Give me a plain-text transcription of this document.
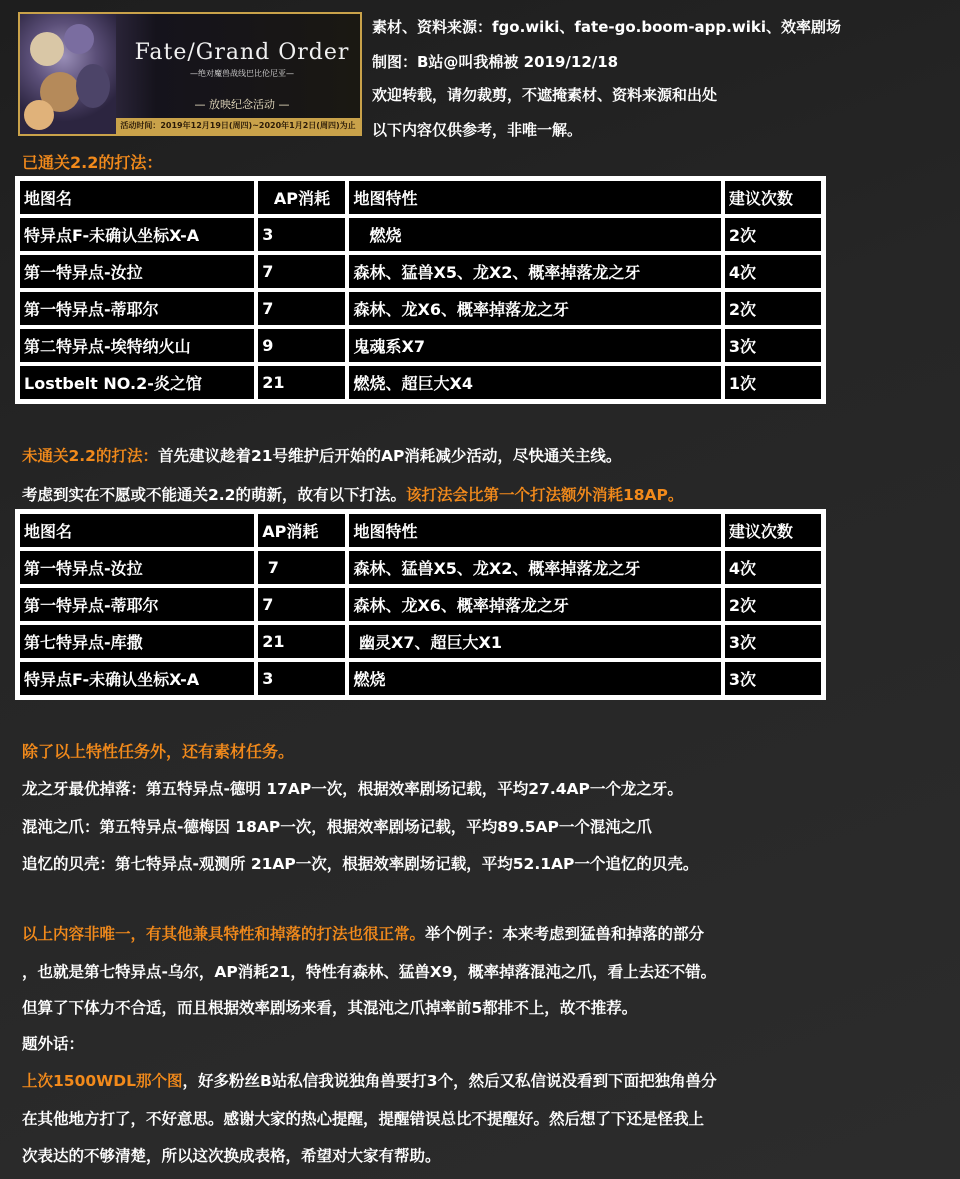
Fate/Grand Order
—绝对魔兽战线巴比伦尼亚—
— 放映纪念活动 —
活动时间：2019年12月19日(周四)~2020年1月2日(周四)为止
素材、资料来源：fgo.wiki、fate-go.boom-app.wiki、效率剧场
制图：B站@叫我棉被 2019/12/18
欢迎转载，请勿裁剪，不遮掩素材、资料来源和出处
以下内容仅供参考，非唯一解。
已通关2.2的打法：
地图名	AP消耗	地图特性	建议次数
特异点F-未确认坐标X-A	3	燃烧	2次
第一特异点-汝拉	7	森林、猛兽X5、龙X2、概率掉落龙之牙	4次
第一特异点-蒂耶尔	7	森林、龙X6、概率掉落龙之牙	2次
第二特异点-埃特纳火山	9	鬼魂系X7	3次
Lostbelt NO.2-炎之馆	21	燃烧、超巨大X4	1次
未通关2.2的打法：首先建议趁着21号维护后开始的AP消耗减少活动，尽快通关主线。
考虑到实在不愿或不能通关2.2的萌新，故有以下打法。该打法会比第一个打法额外消耗18AP。
地图名	AP消耗	地图特性	建议次数
第一特异点-汝拉	7	森林、猛兽X5、龙X2、概率掉落龙之牙	4次
第一特异点-蒂耶尔	7	森林、龙X6、概率掉落龙之牙	2次
第七特异点-库撒	21	幽灵X7、超巨大X1	3次
特异点F-未确认坐标X-A	3	燃烧	3次
除了以上特性任务外，还有素材任务。
龙之牙最优掉落：第五特异点-德明 17AP一次，根据效率剧场记载，平均27.4AP一个龙之牙。
混沌之爪：第五特异点-德梅因 18AP一次，根据效率剧场记载，平均89.5AP一个混沌之爪
追忆的贝壳：第七特异点-观测所 21AP一次，根据效率剧场记载，平均52.1AP一个追忆的贝壳。
以上内容非唯一，有其他兼具特性和掉落的打法也很正常。举个例子：本来考虑到猛兽和掉落的部分
，也就是第七特异点-乌尔，AP消耗21，特性有森林、猛兽X9，概率掉落混沌之爪，看上去还不错。
但算了下体力不合适，而且根据效率剧场来看，其混沌之爪掉率前5都排不上，故不推荐。
题外话：
上次1500WDL那个图，好多粉丝B站私信我说独角兽要打3个，然后又私信说没看到下面把独角兽分
在其他地方打了，不好意思。感谢大家的热心提醒，提醒错误总比不提醒好。然后想了下还是怪我上
次表达的不够清楚，所以这次换成表格，希望对大家有帮助。
